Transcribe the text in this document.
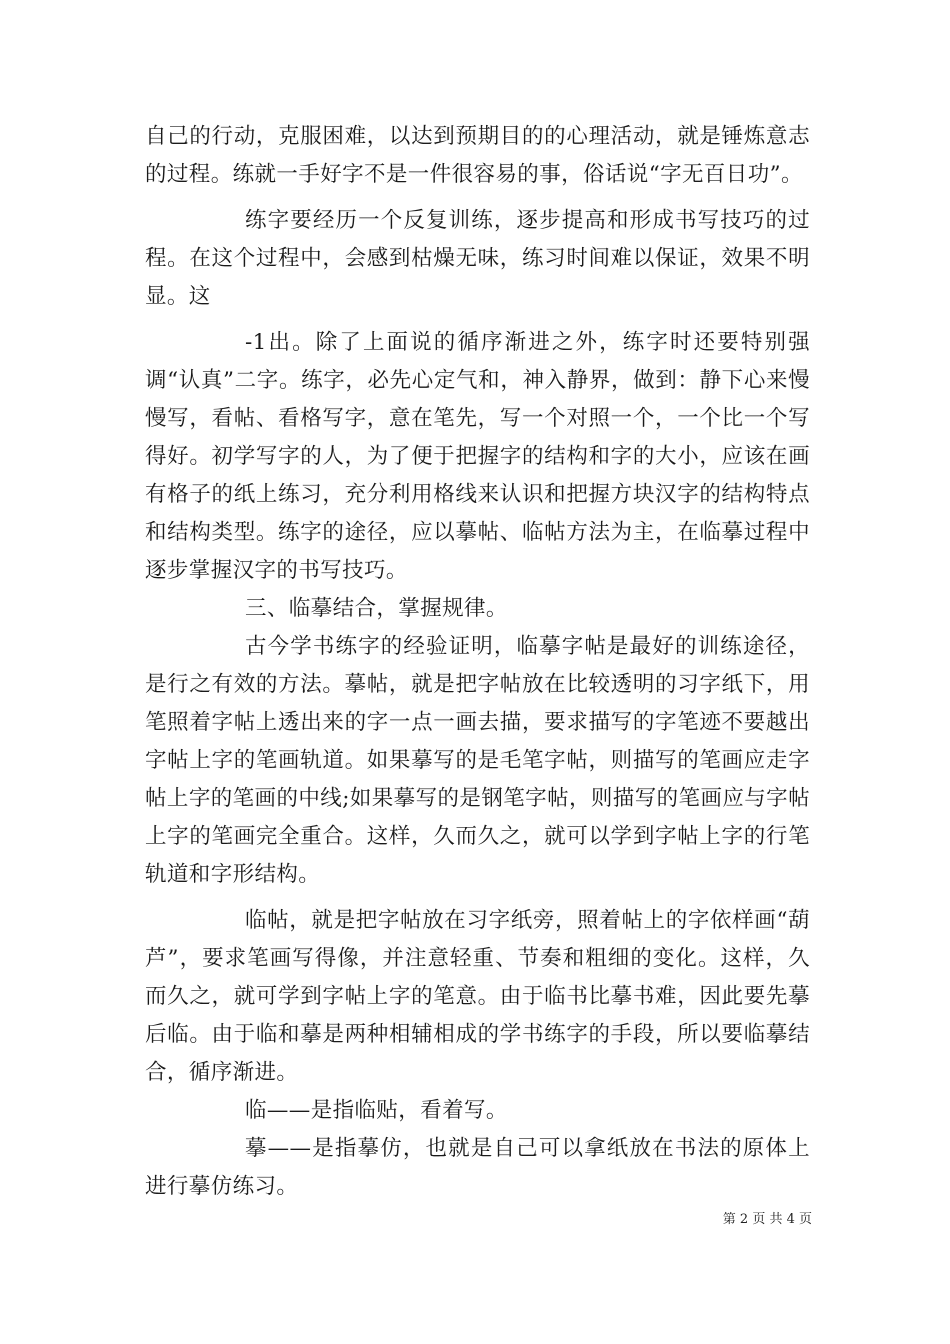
自己的行动，克服困难，以达到预期目的的心理活动，就是锤炼意志的过程。练就一手好字不是一件很容易的事，俗话说“字无百日功”。

练字要经历一个反复训练，逐步提高和形成书写技巧的过程。在这个过程中，会感到枯燥无味，练习时间难以保证，效果不明显。这

-1出。除了上面说的循序渐进之外，练字时还要特别强调“认真”二字。练字，必先心定气和，神入静界，做到：静下心来慢慢写，看帖、看格写字，意在笔先，写一个对照一个，一个比一个写得好。初学写字的人，为了便于把握字的结构和字的大小，应该在画有格子的纸上练习，充分利用格线来认识和把握方块汉字的结构特点和结构类型。练字的途径，应以摹帖、临帖方法为主，在临摹过程中逐步掌握汉字的书写技巧。

三、临摹结合，掌握规律。

古今学书练字的经验证明，临摹字帖是最好的训练途径，是行之有效的方法。摹帖，就是把字帖放在比较透明的习字纸下，用笔照着字帖上透出来的字一点一画去描，要求描写的字笔迹不要越出字帖上字的笔画轨道。如果摹写的是毛笔字帖，则描写的笔画应走字帖上字的笔画的中线;如果摹写的是钢笔字帖，则描写的笔画应与字帖上字的笔画完全重合。这样，久而久之，就可以学到字帖上字的行笔轨道和字形结构。

临帖，就是把字帖放在习字纸旁，照着帖上的字依样画“葫芦”，要求笔画写得像，并注意轻重、节奏和粗细的变化。这样，久而久之，就可学到字帖上字的笔意。由于临书比摹书难，因此要先摹后临。由于临和摹是两种相辅相成的学书练字的手段，所以要临摹结合，循序渐进。

临——是指临贴，看着写。

摹——是指摹仿，也就是自己可以拿纸放在书法的原体上进行摹仿练习。

第 2 页 共 4 页
